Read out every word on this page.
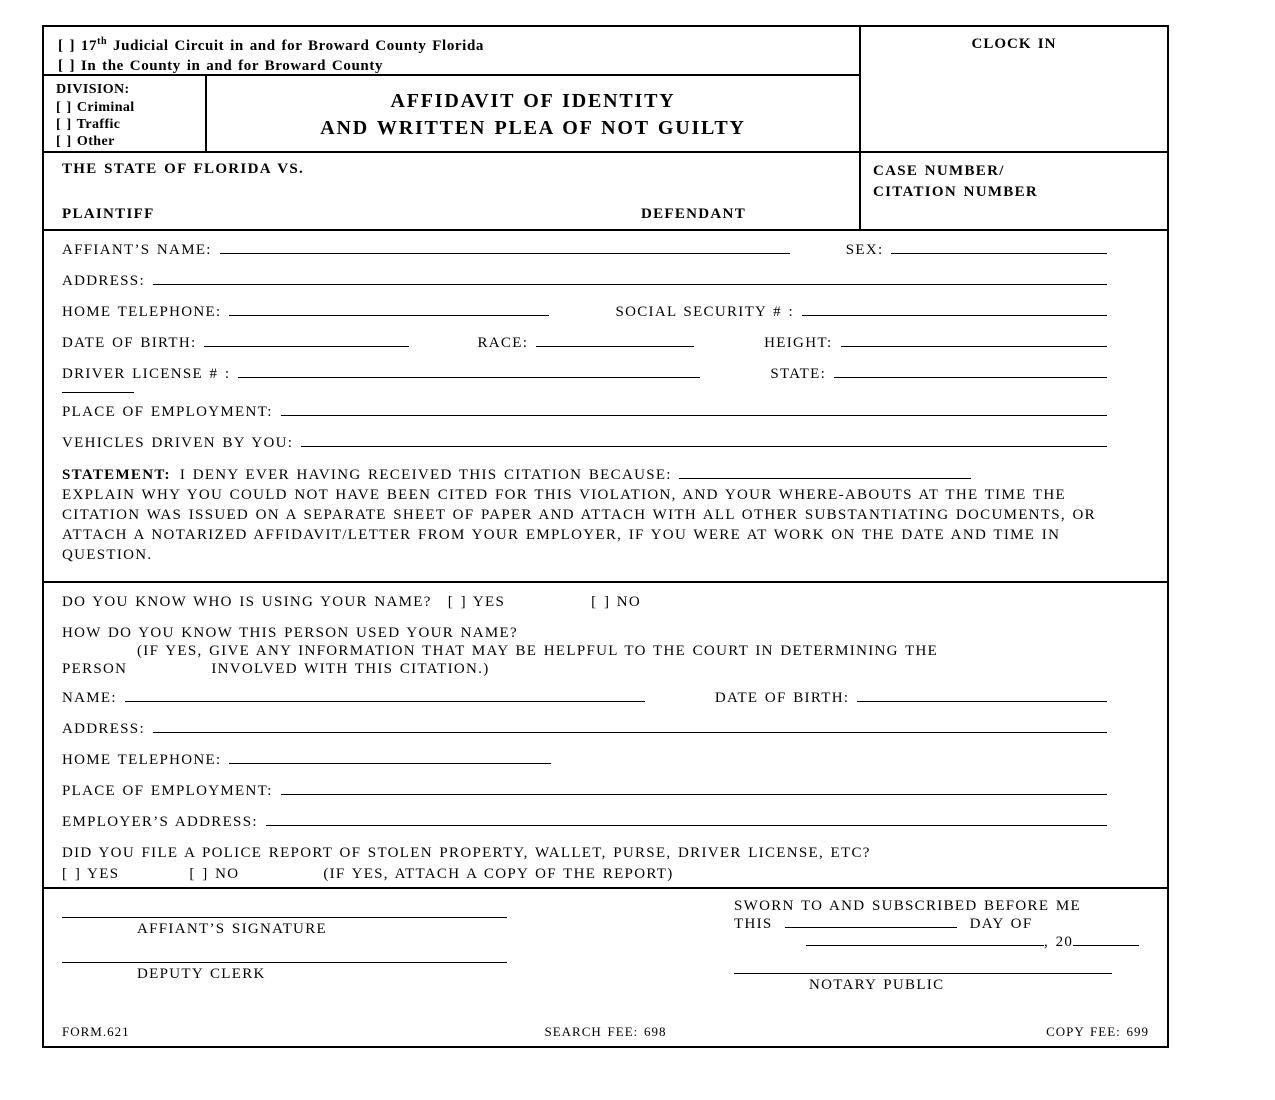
[ ] 17th Judicial Circuit in and for Broward County Florida
[ ] In the County in and for Broward County
DIVISION:
[ ] Criminal
[ ] Traffic
[ ] Other
AFFIDAVIT OF IDENTITY
AND WRITTEN PLEA OF NOT GUILTY
CLOCK IN
THE STATE OF FLORIDA VS.
PLAINTIFF	DEFENDANT
CASE NUMBER/
CITATION NUMBER
AFFIANT’S NAME:	SEX:
ADDRESS:
HOME TELEPHONE:	SOCIAL SECURITY # :
DATE OF BIRTH:	RACE:	HEIGHT:
DRIVER LICENSE # :	STATE:
PLACE OF EMPLOYMENT:
VEHICLES DRIVEN BY YOU:
STATEMENT: I DENY EVER HAVING RECEIVED THIS CITATION BECAUSE:
EXPLAIN WHY YOU COULD NOT HAVE BEEN CITED FOR THIS VIOLATION, AND YOUR WHERE-ABOUTS AT THE TIME THE CITATION WAS ISSUED ON A SEPARATE SHEET OF PAPER AND ATTACH WITH ALL OTHER SUBSTANTIATING DOCUMENTS, OR ATTACH A NOTARIZED AFFIDAVIT/LETTER FROM YOUR EMPLOYER, IF YOU WERE AT WORK ON THE DATE AND TIME IN QUESTION.
DO YOU KNOW WHO IS USING YOUR NAME? [ ] YES	[ ] NO
HOW DO YOU KNOW THIS PERSON USED YOUR NAME?
(IF YES, GIVE ANY INFORMATION THAT MAY BE HELPFUL TO THE COURT IN DETERMINING THE
PERSON	INVOLVED WITH THIS CITATION.)
NAME:	DATE OF BIRTH:
ADDRESS:
HOME TELEPHONE:
PLACE OF EMPLOYMENT:
EMPLOYER’S ADDRESS:
DID YOU FILE A POLICE REPORT OF STOLEN PROPERTY, WALLET, PURSE, DRIVER LICENSE, ETC?
[ ] YES	[ ] NO	(IF YES, ATTACH A COPY OF THE REPORT)
AFFIANT’S SIGNATURE
DEPUTY CLERK
SWORN TO AND SUBSCRIBED BEFORE ME
THIS	DAY OF
, 20
NOTARY PUBLIC
FORM.621	SEARCH FEE: 698	COPY FEE: 699
